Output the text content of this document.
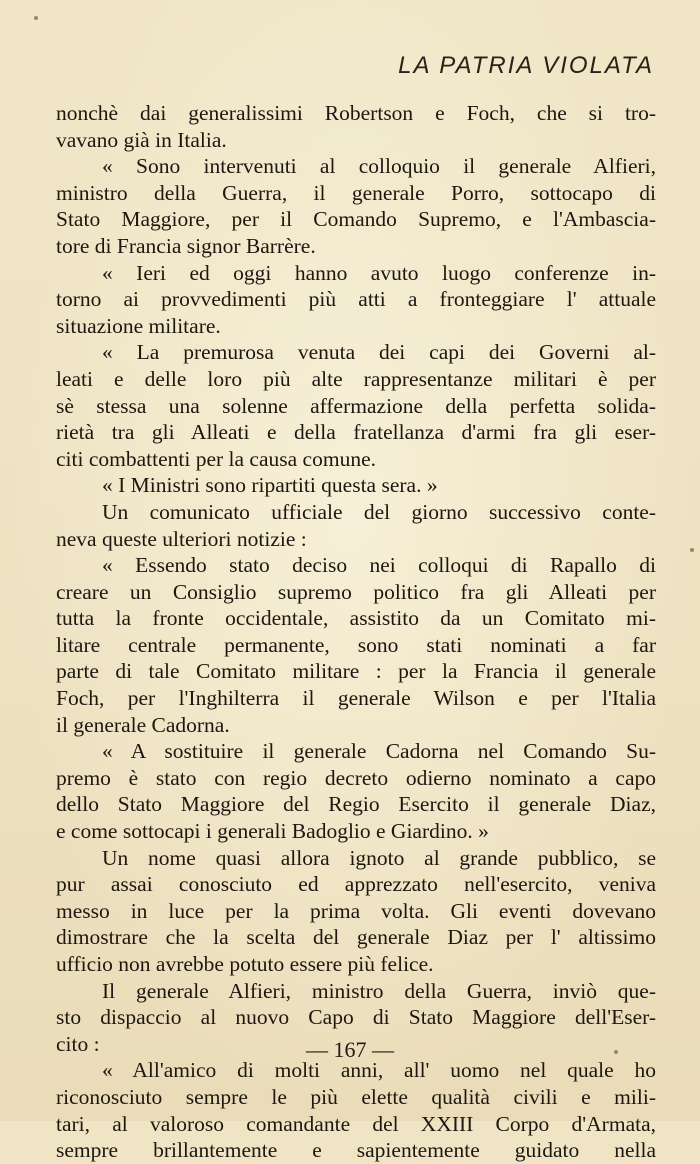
LA PATRIA VIOLATA
nonchè dai generalissimi Robertson e Foch, che si tro-
vavano già in Italia.
« Sono intervenuti al colloquio il generale Alfieri,
ministro della Guerra, il generale Porro, sottocapo di
Stato Maggiore, per il Comando Supremo, e l'Ambascia-
tore di Francia signor Barrère.
« Ieri ed oggi hanno avuto luogo conferenze in-
torno ai provvedimenti più atti a fronteggiare l' attuale
situazione militare.
« La premurosa venuta dei capi dei Governi al-
leati e delle loro più alte rappresentanze militari è per
sè stessa una solenne affermazione della perfetta solida-
rietà tra gli Alleati e della fratellanza d'armi fra gli eser-
citi combattenti per la causa comune.
« I Ministri sono ripartiti questa sera. »
Un comunicato ufficiale del giorno successivo conte-
neva queste ulteriori notizie :
« Essendo stato deciso nei colloqui di Rapallo di
creare un Consiglio supremo politico fra gli Alleati per
tutta la fronte occidentale, assistito da un Comitato mi-
litare centrale permanente, sono stati nominati a far
parte di tale Comitato militare : per la Francia il generale
Foch, per l'Inghilterra il generale Wilson e per l'Italia
il generale Cadorna.
« A sostituire il generale Cadorna nel Comando Su-
premo è stato con regio decreto odierno nominato a capo
dello Stato Maggiore del Regio Esercito il generale Diaz,
e come sottocapi i generali Badoglio e Giardino. »
Un nome quasi allora ignoto al grande pubblico, se
pur assai conosciuto ed apprezzato nell'esercito, veniva
messo in luce per la prima volta. Gli eventi dovevano
dimostrare che la scelta del generale Diaz per l' altissimo
ufficio non avrebbe potuto essere più felice.
Il generale Alfieri, ministro della Guerra, inviò que-
sto dispaccio al nuovo Capo di Stato Maggiore dell'Eser-
cito :
« All'amico di molti anni, all' uomo nel quale ho
riconosciuto sempre le più elette qualità civili e mili-
tari, al valoroso comandante del XXIII Corpo d'Armata,
sempre brillantemente e sapientemente guidato nella
— 167 —
